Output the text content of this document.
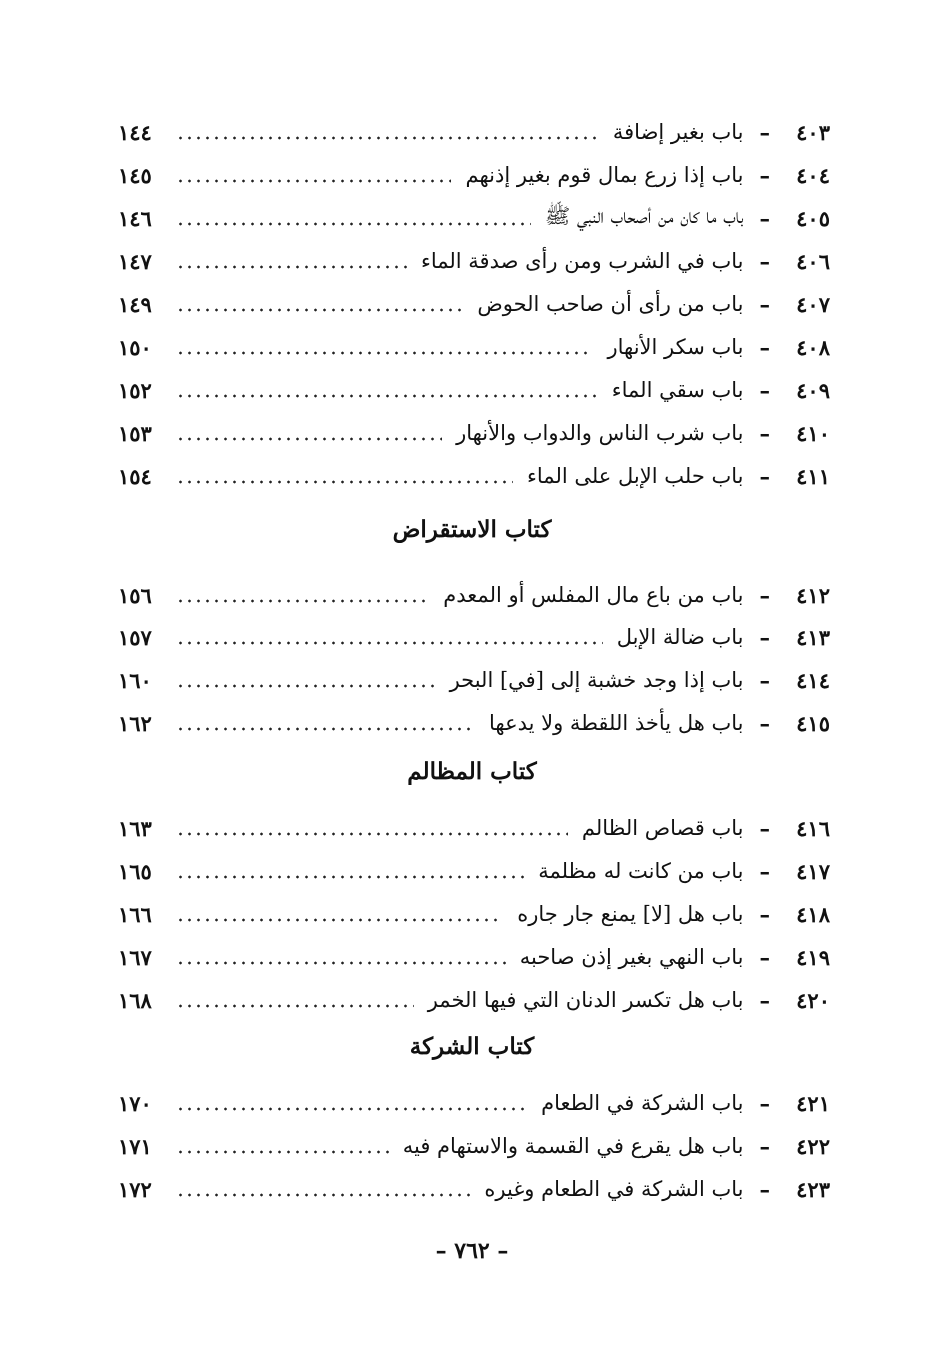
٤٠٣
–
باب بغير إضافة
١٤٤
٤٠٤
–
باب إذا زرع بمال قوم بغير إذنهم
١٤٥
٤٠٥
–
باب ما كان من أصحاب النبي ﷺ
١٤٦
٤٠٦
–
باب في الشرب ومن رأى صدقة الماء
١٤٧
٤٠٧
–
باب من رأى أن صاحب الحوض
١٤٩
٤٠٨
–
باب سكر الأنهار
١٥٠
٤٠٩
–
باب سقي الماء
١٥٢
٤١٠
–
باب شرب الناس والدواب والأنهار
١٥٣
٤١١
–
باب حلب الإبل على الماء
١٥٤
كتاب الاستقراض
٤١٢
–
باب من باع مال المفلس أو المعدم
١٥٦
٤١٣
–
باب ضالة الإبل
١٥٧
٤١٤
–
باب إذا وجد خشبة إلى [في] البحر
١٦٠
٤١٥
–
باب هل يأخذ اللقطة ولا يدعها
١٦٢
كتاب المظالم
٤١٦
–
باب قصاص الظالم
١٦٣
٤١٧
–
باب من كانت له مظلمة
١٦٥
٤١٨
–
باب هل [لا] يمنع جار جاره
١٦٦
٤١٩
–
باب النهي بغير إذن صاحبه
١٦٧
٤٢٠
–
باب هل تكسر الدنان التي فيها الخمر
١٦٨
كتاب الشركة
٤٢١
–
باب الشركة في الطعام
١٧٠
٤٢٢
–
باب هل يقرع في القسمة والاستهام فيه
١٧١
٤٢٣
–
باب الشركة في الطعام وغيره
١٧٢
– ٧٦٢ –
